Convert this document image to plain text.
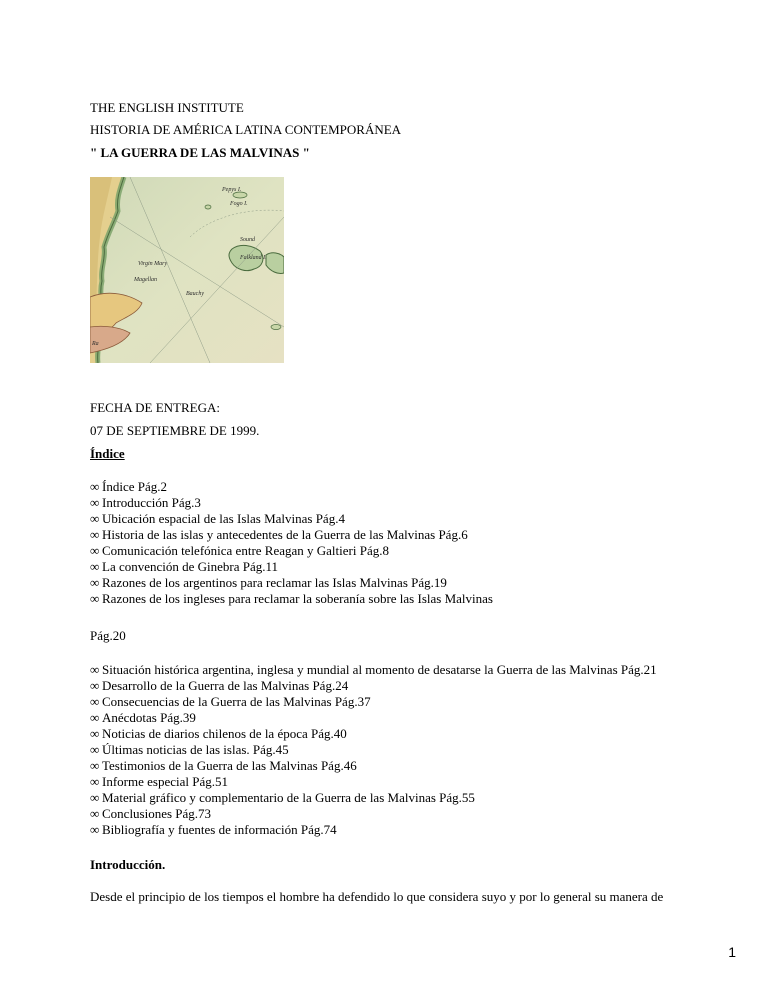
THE ENGLISH INSTITUTE
HISTORIA DE AMÉRICA LATINA CONTEMPORÁNEA
" LA GUERRA DE LAS MALVINAS "
Pepys I.
Fogo I.
Sound
Falkland I.
Virgin Mary
Magellan
Bauchy
Ra
FECHA DE ENTREGA:
07 DE SEPTIEMBRE DE 1999.
Índice
∞ Índice Pág.2
∞ Introducción Pág.3
∞ Ubicación espacial de las Islas Malvinas Pág.4
∞ Historia de las islas y antecedentes de la Guerra de las Malvinas Pág.6
∞ Comunicación telefónica entre Reagan y Galtieri Pág.8
∞ La convención de Ginebra Pág.11
∞ Razones de los argentinos para reclamar las Islas Malvinas Pág.19
∞ Razones de los ingleses para reclamar la soberanía sobre las Islas Malvinas
Pág.20
∞ Situación histórica argentina, inglesa y mundial al momento de desatarse la Guerra de las Malvinas Pág.21
∞ Desarrollo de la Guerra de las Malvinas Pág.24
∞ Consecuencias de la Guerra de las Malvinas Pág.37
∞ Anécdotas Pág.39
∞ Noticias de diarios chilenos de la época Pág.40
∞ Últimas noticias de las islas. Pág.45
∞ Testimonios de la Guerra de las Malvinas Pág.46
∞ Informe especial Pág.51
∞ Material gráfico y complementario de la Guerra de las Malvinas Pág.55
∞ Conclusiones Pág.73
∞ Bibliografía y fuentes de información Pág.74
Introducción.
Desde el principio de los tiempos el hombre ha defendido lo que considera suyo y por lo general su manera de
1
